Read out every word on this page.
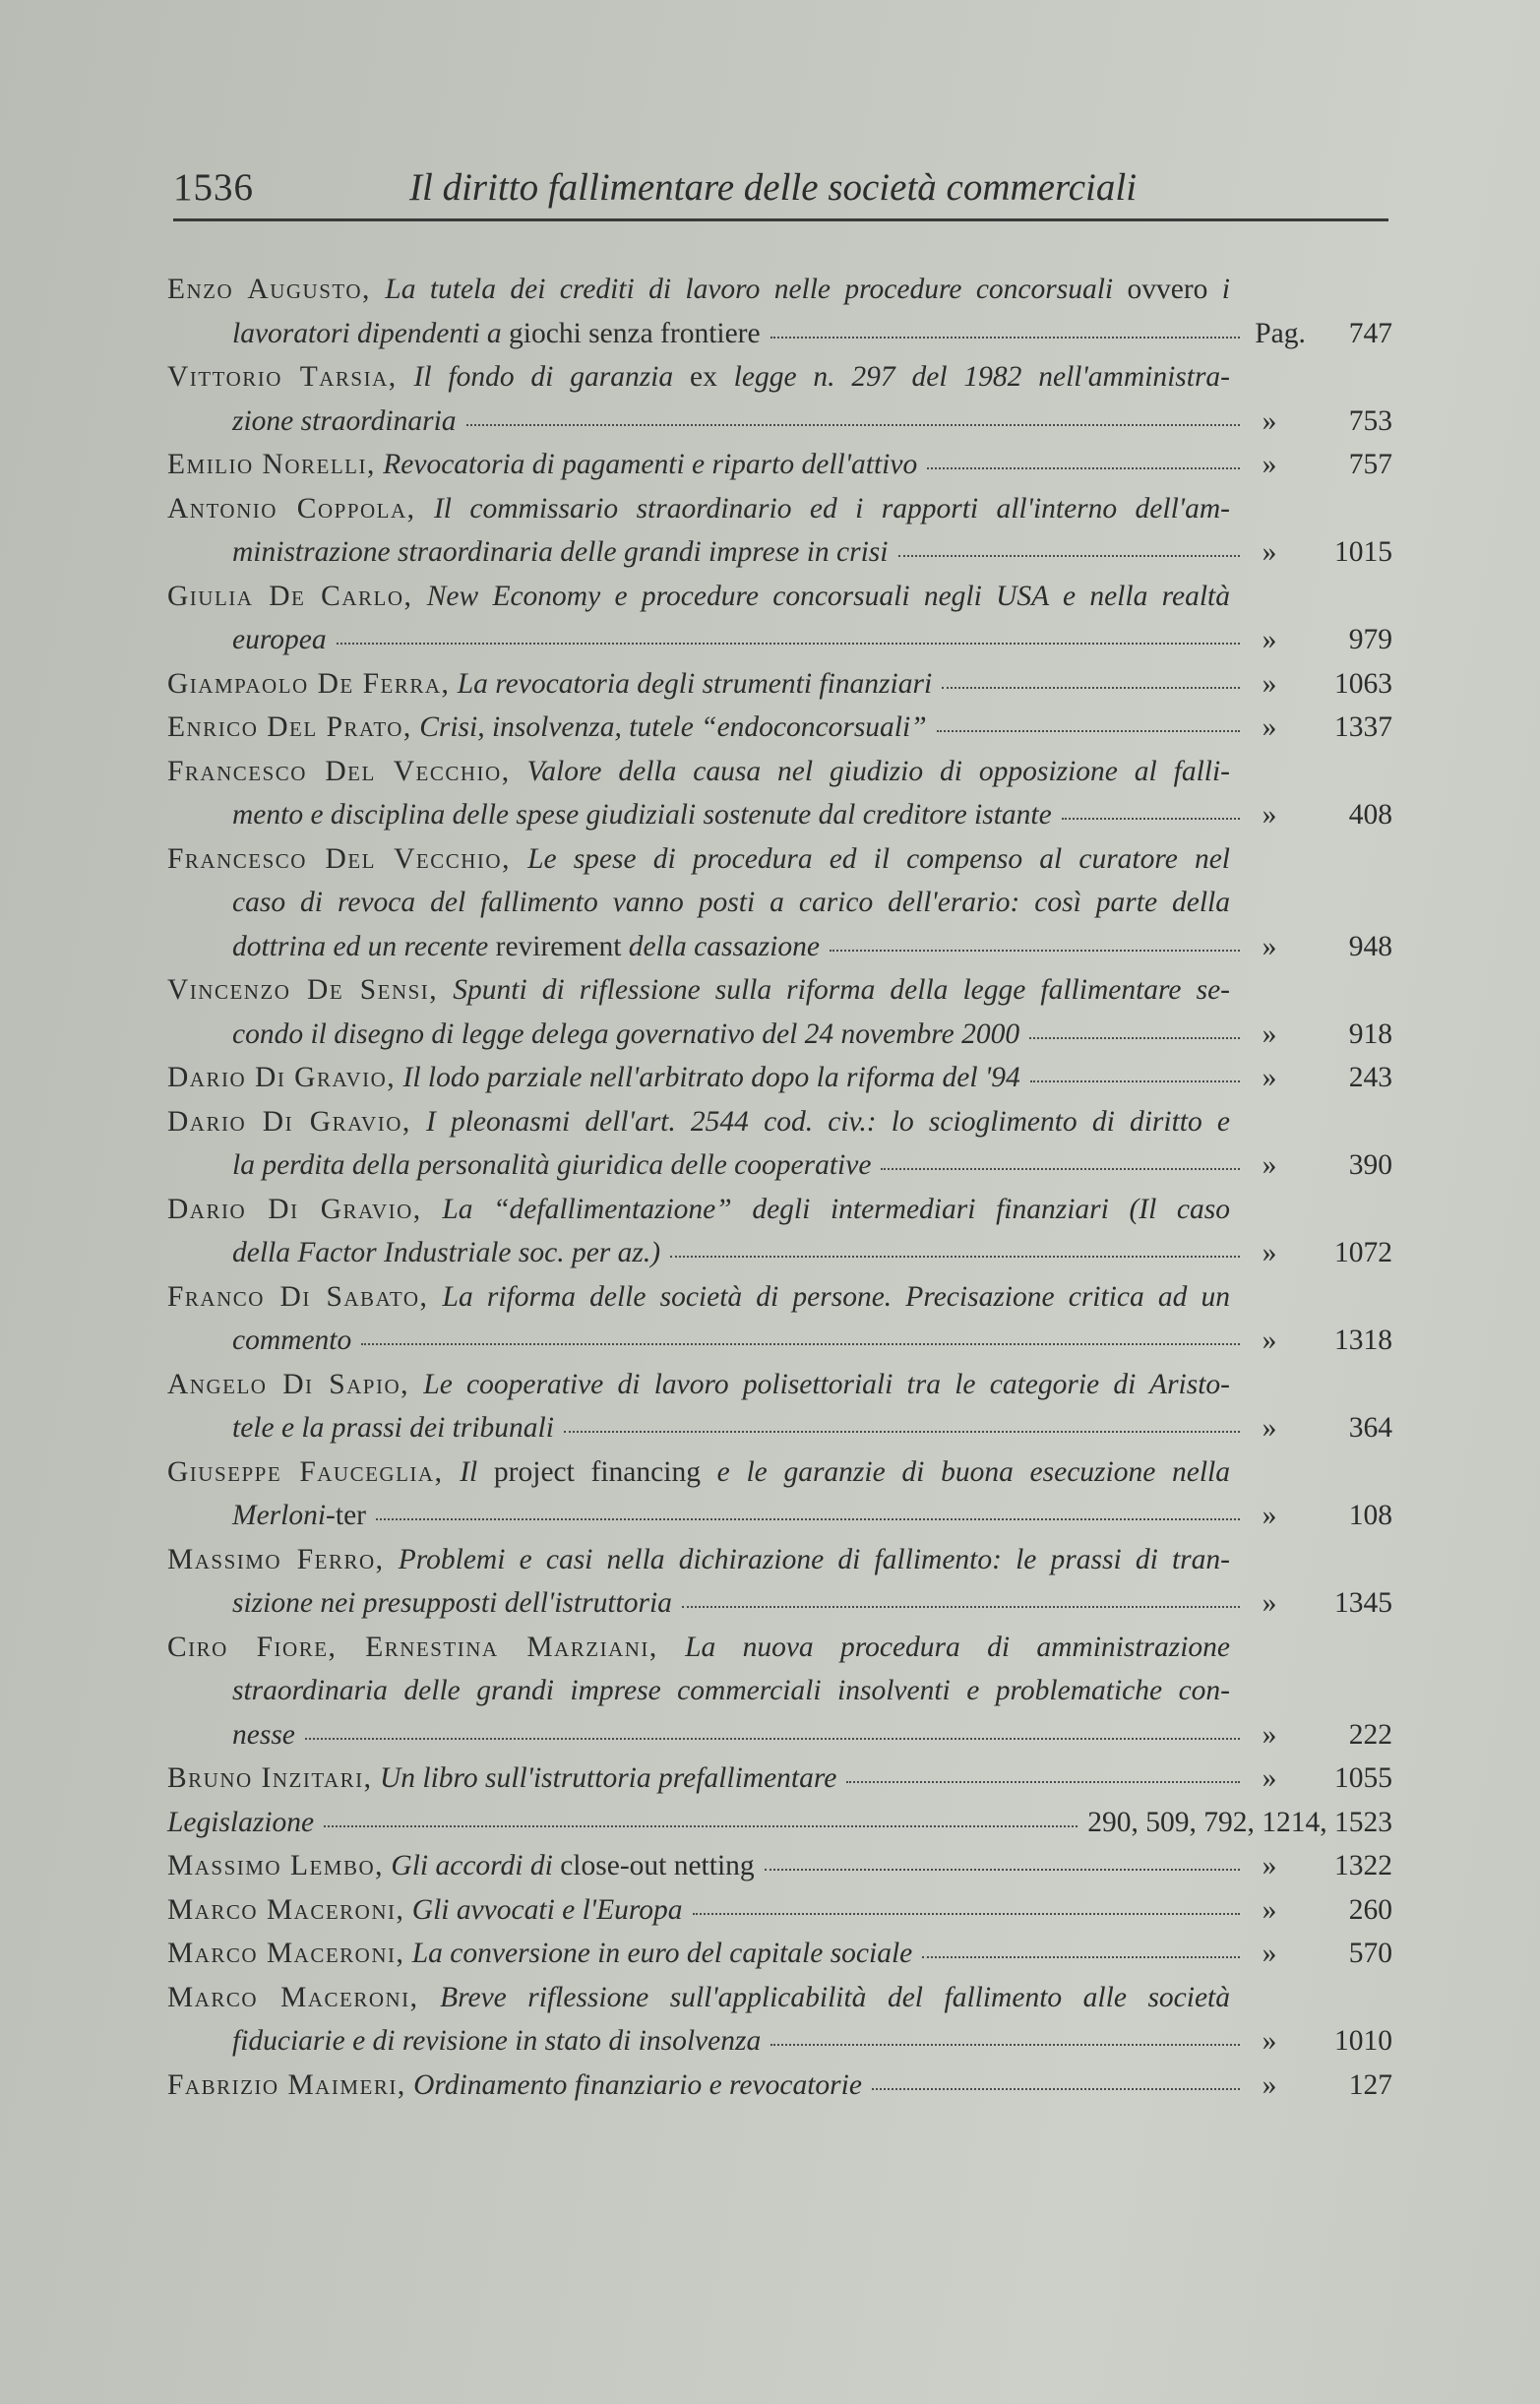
1536	Il diritto fallimentare delle società commerciali
Enzo Augusto, La tutela dei crediti di lavoro nelle procedure concorsuali ovvero i
lavoratori dipendenti a giochi senza frontiere	Pag.	747
Vittorio Tarsia, Il fondo di garanzia ex legge n. 297 del 1982 nell'amministra-
zione straordinaria	»	753
Emilio Norelli, Revocatoria di pagamenti e riparto dell'attivo	»	757
Antonio Coppola, Il commissario straordinario ed i rapporti all'interno dell'am-
ministrazione straordinaria delle grandi imprese in crisi	»	1015
Giulia De Carlo, New Economy e procedure concorsuali negli USA e nella realtà
europea	»	979
Giampaolo De Ferra, La revocatoria degli strumenti finanziari	»	1063
Enrico Del Prato, Crisi, insolvenza, tutele “endoconcorsuali”	»	1337
Francesco Del Vecchio, Valore della causa nel giudizio di opposizione al falli-
mento e disciplina delle spese giudiziali sostenute dal creditore istante	»	408
Francesco Del Vecchio, Le spese di procedura ed il compenso al curatore nel
caso di revoca del fallimento vanno posti a carico dell'erario: così parte della
dottrina ed un recente revirement della cassazione	»	948
Vincenzo De Sensi, Spunti di riflessione sulla riforma della legge fallimentare se-
condo il disegno di legge delega governativo del 24 novembre 2000	»	918
Dario Di Gravio, Il lodo parziale nell'arbitrato dopo la riforma del '94	»	243
Dario Di Gravio, I pleonasmi dell'art. 2544 cod. civ.: lo scioglimento di diritto e
la perdita della personalità giuridica delle cooperative	»	390
Dario Di Gravio, La “defallimentazione” degli intermediari finanziari (Il caso
della Factor Industriale soc. per az.)	»	1072
Franco Di Sabato, La riforma delle società di persone. Precisazione critica ad un
commento	»	1318
Angelo Di Sapio, Le cooperative di lavoro polisettoriali tra le categorie di Aristo-
tele e la prassi dei tribunali	»	364
Giuseppe Fauceglia, Il project financing e le garanzie di buona esecuzione nella
Merloni-ter	»	108
Massimo Ferro, Problemi e casi nella dichirazione di fallimento: le prassi di tran-
sizione nei presupposti dell'istruttoria	»	1345
Ciro Fiore, Ernestina Marziani, La nuova procedura di amministrazione
straordinaria delle grandi imprese commerciali insolventi e problematiche con-
nesse	»	222
Bruno Inzitari, Un libro sull'istruttoria prefallimentare	»	1055
Legislazione	290, 509, 792, 1214, 1523
Massimo Lembo, Gli accordi di close-out netting	»	1322
Marco Maceroni, Gli avvocati e l'Europa	»	260
Marco Maceroni, La conversione in euro del capitale sociale	»	570
Marco Maceroni, Breve riflessione sull'applicabilità del fallimento alle società
fiduciarie e di revisione in stato di insolvenza	»	1010
Fabrizio Maimeri, Ordinamento finanziario e revocatorie	»	127
